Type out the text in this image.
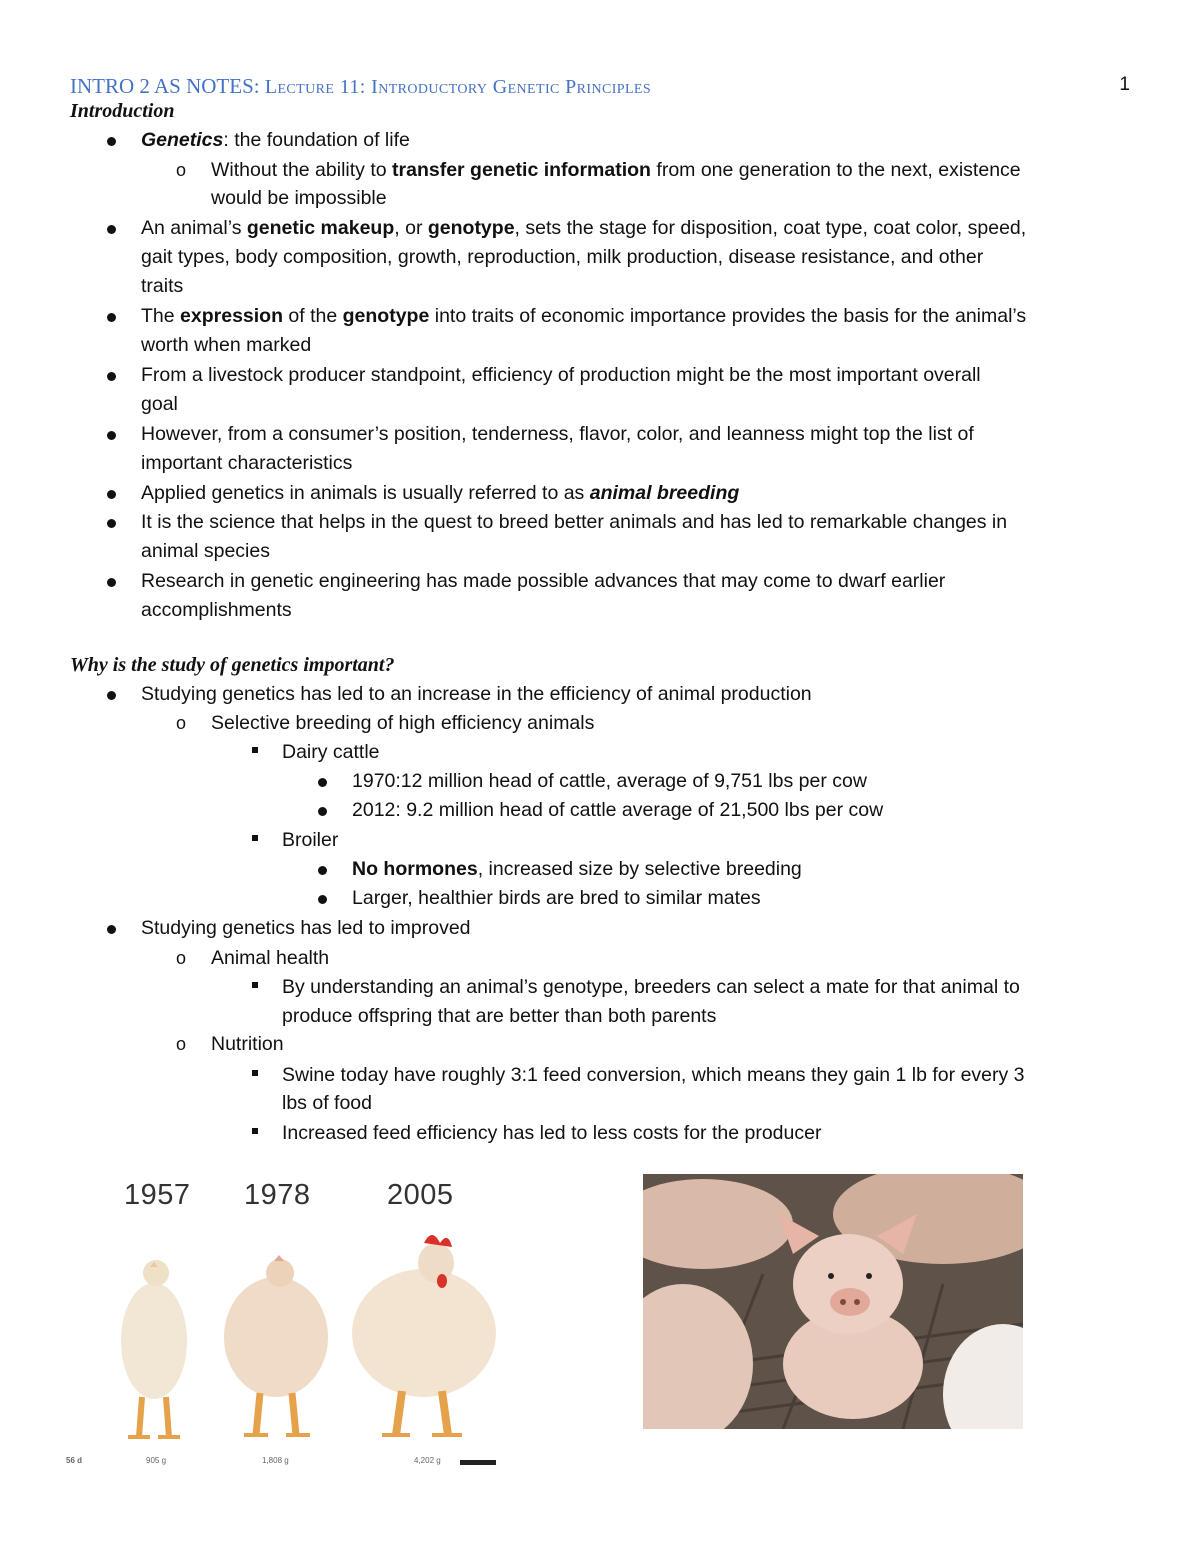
INTRO 2 AS NOTES: Lecture 11: Introductory Genetic Principles	1
Introduction
Genetics: the foundation of life
o Without the ability to transfer genetic information from one generation to the next, existence
would be impossible
An animal’s genetic makeup, or genotype, sets the stage for disposition, coat type, coat color, speed,
gait types, body composition, growth, reproduction, milk production, disease resistance, and other
traits
The expression of the genotype into traits of economic importance provides the basis for the animal’s
worth when marked
From a livestock producer standpoint, efficiency of production might be the most important overall
goal
However, from a consumer’s position, tenderness, flavor, color, and leanness might top the list of
important characteristics
Applied genetics in animals is usually referred to as animal breeding
It is the science that helps in the quest to breed better animals and has led to remarkable changes in
animal species
Research in genetic engineering has made possible advances that may come to dwarf earlier
accomplishments
Why is the study of genetics important?
Studying genetics has led to an increase in the efficiency of animal production
o Selective breeding of high efficiency animals
Dairy cattle
1970:12 million head of cattle, average of 9,751 lbs per cow
2012: 9.2 million head of cattle average of 21,500 lbs per cow
Broiler
No hormones, increased size by selective breeding
Larger, healthier birds are bred to similar mates
Studying genetics has led to improved
o Animal health
By understanding an animal’s genotype, breeders can select a mate for that animal to
produce offspring that are better than both parents
o Nutrition
Swine today have roughly 3:1 feed conversion, which means they gain 1 lb for every 3
lbs of food
Increased feed efficiency has led to less costs for the producer
1957 1978	2005
56 d	905 g	1,808 g	4,202 g
